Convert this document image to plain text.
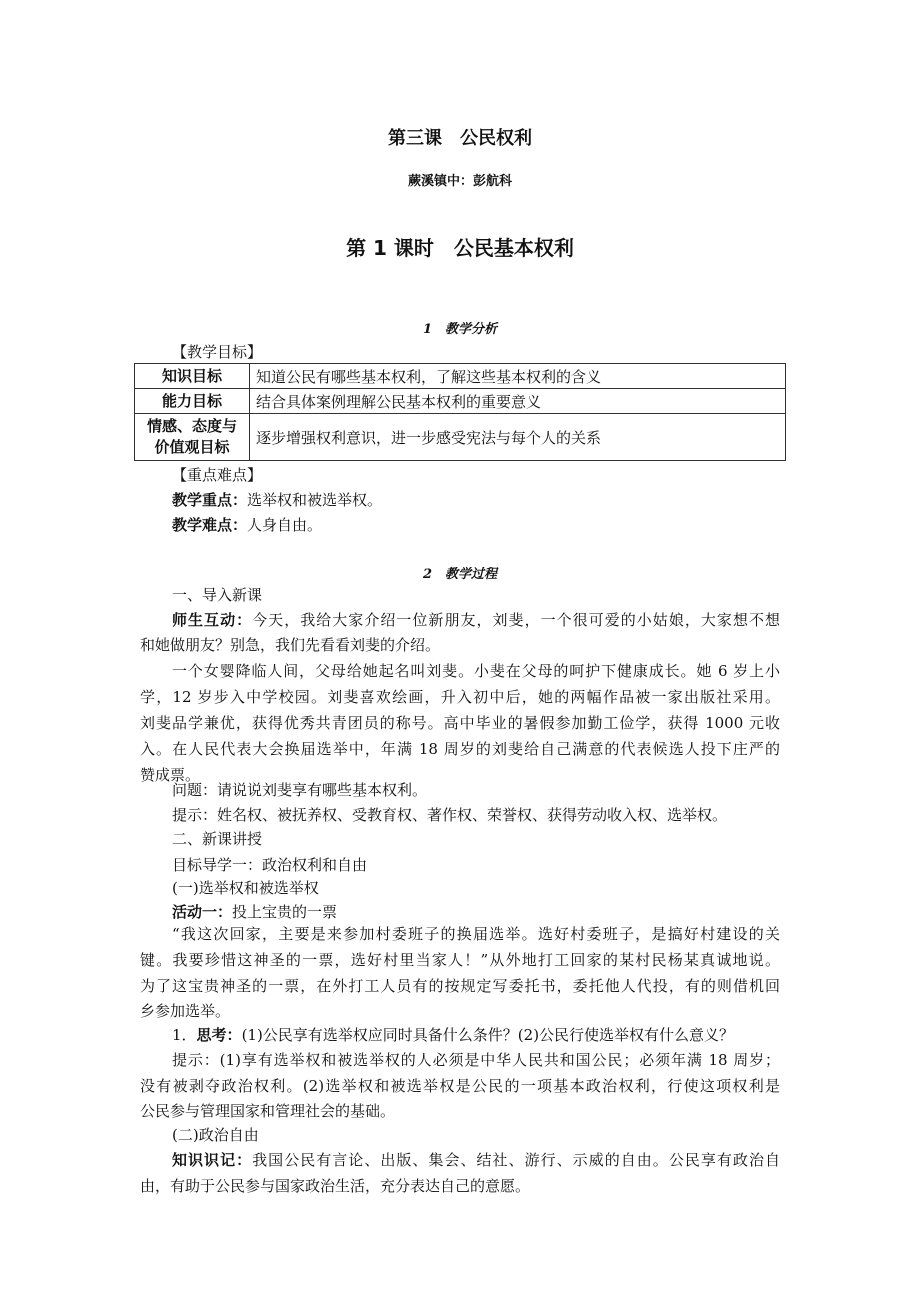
第三课　公民权利
蕨溪镇中：彭航科
第 1 课时　公民基本权利
1　教学分析
【教学目标】
知识目标	知道公民有哪些基本权利，了解这些基本权利的含义
能力目标	结合具体案例理解公民基本权利的重要意义

情感、态度与
价值观目标	逐步增强权利意识，进一步感受宪法与每个人的关系
【重点难点】
教学重点：选举权和被选举权。
教学难点：人身自由。
2　教学过程
一、导入新课
师生互动：今天，我给大家介绍一位新朋友，刘斐，一个很可爱的小姑娘，大家想不想
和她做朋友？别急，我们先看看刘斐的介绍。
一个女婴降临人间，父母给她起名叫刘斐。小斐在父母的呵护下健康成长。她 6 岁上小
学，12 岁步入中学校园。刘斐喜欢绘画，升入初中后，她的两幅作品被一家出版社采用。
刘斐品学兼优，获得优秀共青团员的称号。高中毕业的暑假参加勤工俭学，获得 1000 元收
入。在人民代表大会换届选举中，年满 18 周岁的刘斐给自己满意的代表候选人投下庄严的
赞成票。
问题：请说说刘斐享有哪些基本权利。
提示：姓名权、被抚养权、受教育权、著作权、荣誉权、获得劳动收入权、选举权。
二、新课讲授
目标导学一：政治权利和自由
(一)选举权和被选举权
活动一：投上宝贵的一票
“我这次回家，主要是来参加村委班子的换届选举。选好村委班子，是搞好村建设的关
键。我要珍惜这神圣的一票，选好村里当家人！”从外地打工回家的某村民杨某真诚地说。
为了这宝贵神圣的一票，在外打工人员有的按规定写委托书，委托他人代投，有的则借机回
乡参加选举。
1．思考：(1)公民享有选举权应同时具备什么条件？(2)公民行使选举权有什么意义？
提示：(1)享有选举权和被选举权的人必须是中华人民共和国公民；必须年满 18 周岁；
没有被剥夺政治权利。(2)选举权和被选举权是公民的一项基本政治权利，行使这项权利是
公民参与管理国家和管理社会的基础。
(二)政治自由
知识识记：我国公民有言论、出版、集会、结社、游行、示威的自由。公民享有政治自
由，有助于公民参与国家政治生活，充分表达自己的意愿。
